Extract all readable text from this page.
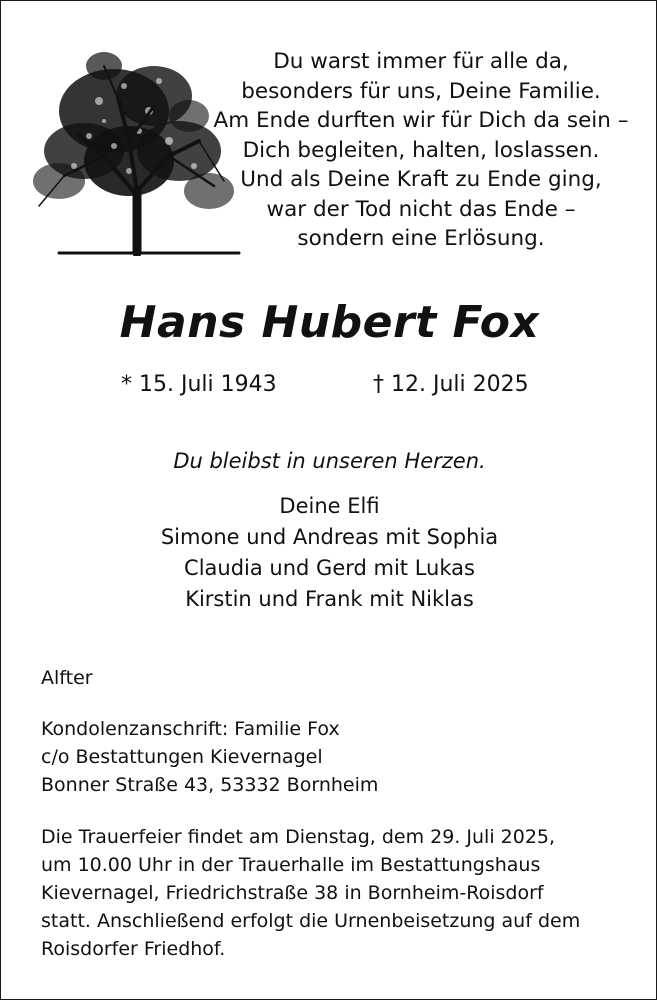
Du warst immer für alle da,
besonders für uns, Deine Familie.
Am Ende durften wir für Dich da sein –
Dich begleiten, halten, loslassen.
Und als Deine Kraft zu Ende ging,
war der Tod nicht das Ende –
sondern eine Erlösung.
Hans Hubert Fox
* 15. Juli 1943	† 12. Juli 2025
Du bleibst in unseren Herzen.
Deine Elfi
Simone und Andreas mit Sophia
Claudia und Gerd mit Lukas
Kirstin und Frank mit Niklas
Alfter
Kondolenzanschrift: Familie Fox
c/o Bestattungen Kievernagel
Bonner Straße 43, 53332 Bornheim
Die Trauerfeier findet am Dienstag, dem 29. Juli 2025,
um 10.00 Uhr in der Trauerhalle im Bestattungshaus
Kievernagel, Friedrichstraße 38 in Bornheim-Roisdorf
statt. Anschließend erfolgt die Urnenbeisetzung auf dem
Roisdorfer Friedhof.
